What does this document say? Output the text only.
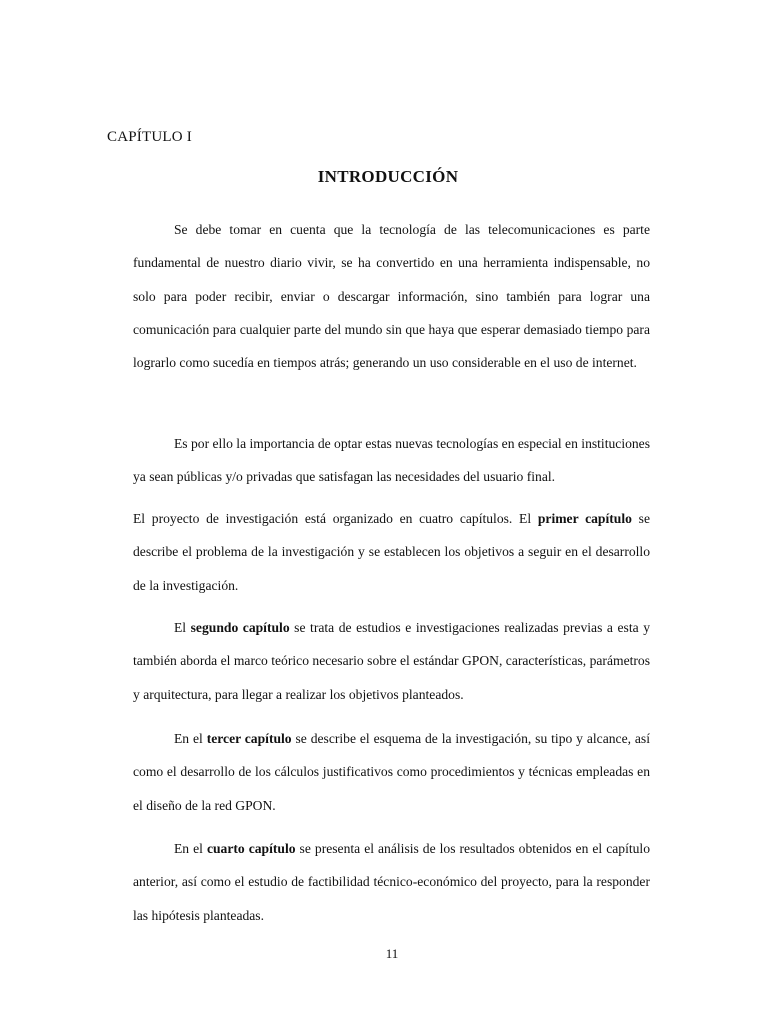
CAPÍTULO I
INTRODUCCIÓN

Se debe tomar en cuenta que la tecnología de las telecomunicaciones es parte fundamental de nuestro diario vivir, se ha convertido en una herramienta indispensable, no solo para poder recibir, enviar o descargar información, sino también para lograr una comunicación para cualquier parte del mundo sin que haya que esperar demasiado tiempo para lograrlo como sucedía en tiempos atrás; generando un uso considerable en el uso de internet.

Es por ello la importancia de optar estas nuevas tecnologías en especial en instituciones ya sean públicas y/o privadas que satisfagan las necesidades del usuario final.

El proyecto de investigación está organizado en cuatro capítulos. El primer capítulo se describe el problema de la investigación y se establecen los objetivos a seguir en el desarrollo de la investigación.

El segundo capítulo se trata de estudios e investigaciones realizadas previas a esta y también aborda el marco teórico necesario sobre el estándar GPON, características, parámetros y arquitectura, para llegar a realizar los objetivos planteados.

En el tercer capítulo se describe el esquema de la investigación, su tipo y alcance, así como el desarrollo de los cálculos justificativos como procedimientos y técnicas empleadas en el diseño de la red GPON.

En el cuarto capítulo se presenta el análisis de los resultados obtenidos en el capítulo anterior, así como el estudio de factibilidad técnico-económico del proyecto, para la responder las hipótesis planteadas.

11
